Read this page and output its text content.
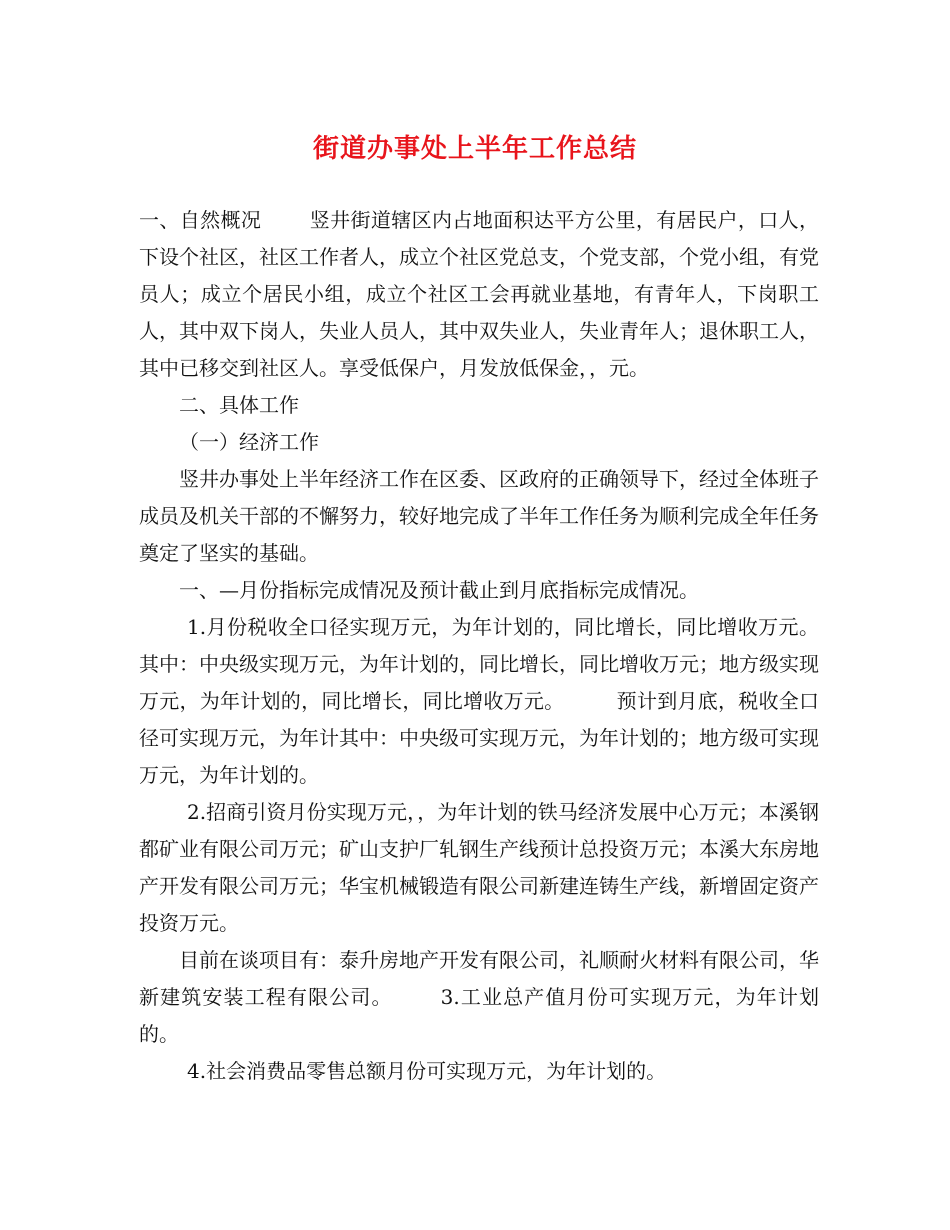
街道办事处上半年工作总结

一、自然概况 竖井街道辖区内占地面积达平方公里，有居民户，口人，下设个社区，社区工作者人，成立个社区党总支，个党支部，个党小组，有党员人；成立个居民小组，成立个社区工会再就业基地，有青年人，下岗职工人，其中双下岗人，失业人员人，其中双失业人，失业青年人；退休职工人，其中已移交到社区人。享受低保户，月发放低保金，，元。

二、具体工作

（一）经济工作

竖井办事处上半年经济工作在区委、区政府的正确领导下，经过全体班子成员及机关干部的不懈努力，较好地完成了半年工作任务为顺利完成全年任务奠定了坚实的基础。

一、—月份指标完成情况及预计截止到月底指标完成情况。

1.月份税收全口径实现万元，为年计划的，同比增长，同比增收万元。其中：中央级实现万元，为年计划的，同比增长，同比增收万元；地方级实现万元，为年计划的，同比增长，同比增收万元。	预计到月底，税收全口径可实现万元，为年计其中：中央级可实现万元，为年计划的；地方级可实现万元，为年计划的。

2.招商引资月份实现万元，，为年计划的铁马经济发展中心万元；本溪钢都矿业有限公司万元；矿山支护厂轧钢生产线预计总投资万元；本溪大东房地产开发有限公司万元；华宝机械锻造有限公司新建连铸生产线，新增固定资产投资万元。

目前在谈项目有：泰升房地产开发有限公司，礼顺耐火材料有限公司，华新建筑安装工程有限公司。 3.工业总产值月份可实现万元，为年计划的。

4.社会消费品零售总额月份可实现万元，为年计划的。
